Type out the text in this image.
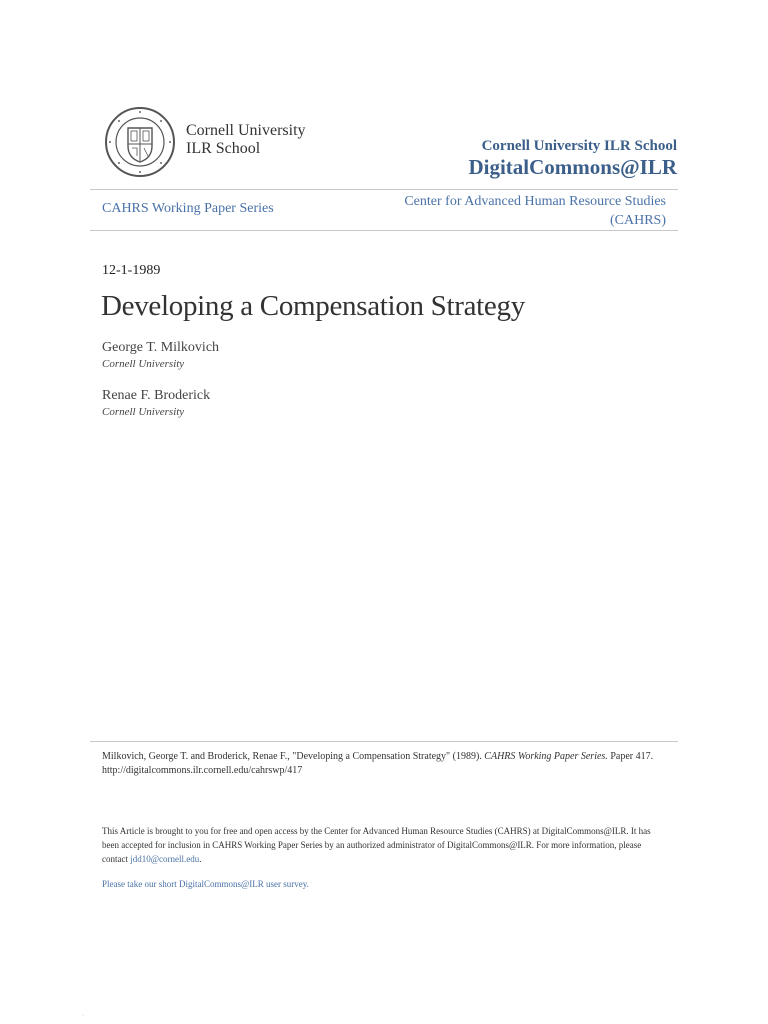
Cornell University
ILR School	Cornell University ILR School
DigitalCommons@ILR
CAHRS Working Paper Series	Center for Advanced Human Resource Studies
(CAHRS)
12-1-1989
Developing a Compensation Strategy
George T. Milkovich
Cornell University
Renae F. Broderick
Cornell University
Milkovich, George T. and Broderick, Renae F., "Developing a Compensation Strategy" (1989). CAHRS Working Paper Series. Paper 417.
http://digitalcommons.ilr.cornell.edu/cahrswp/417
This Article is brought to you for free and open access by the Center for Advanced Human Resource Studies (CAHRS) at DigitalCommons@ILR. It has been accepted for inclusion in CAHRS Working Paper Series by an authorized administrator of DigitalCommons@ILR. For more information, please contact jdd10@cornell.edu.
Please take our short DigitalCommons@ILR user survey.
·
